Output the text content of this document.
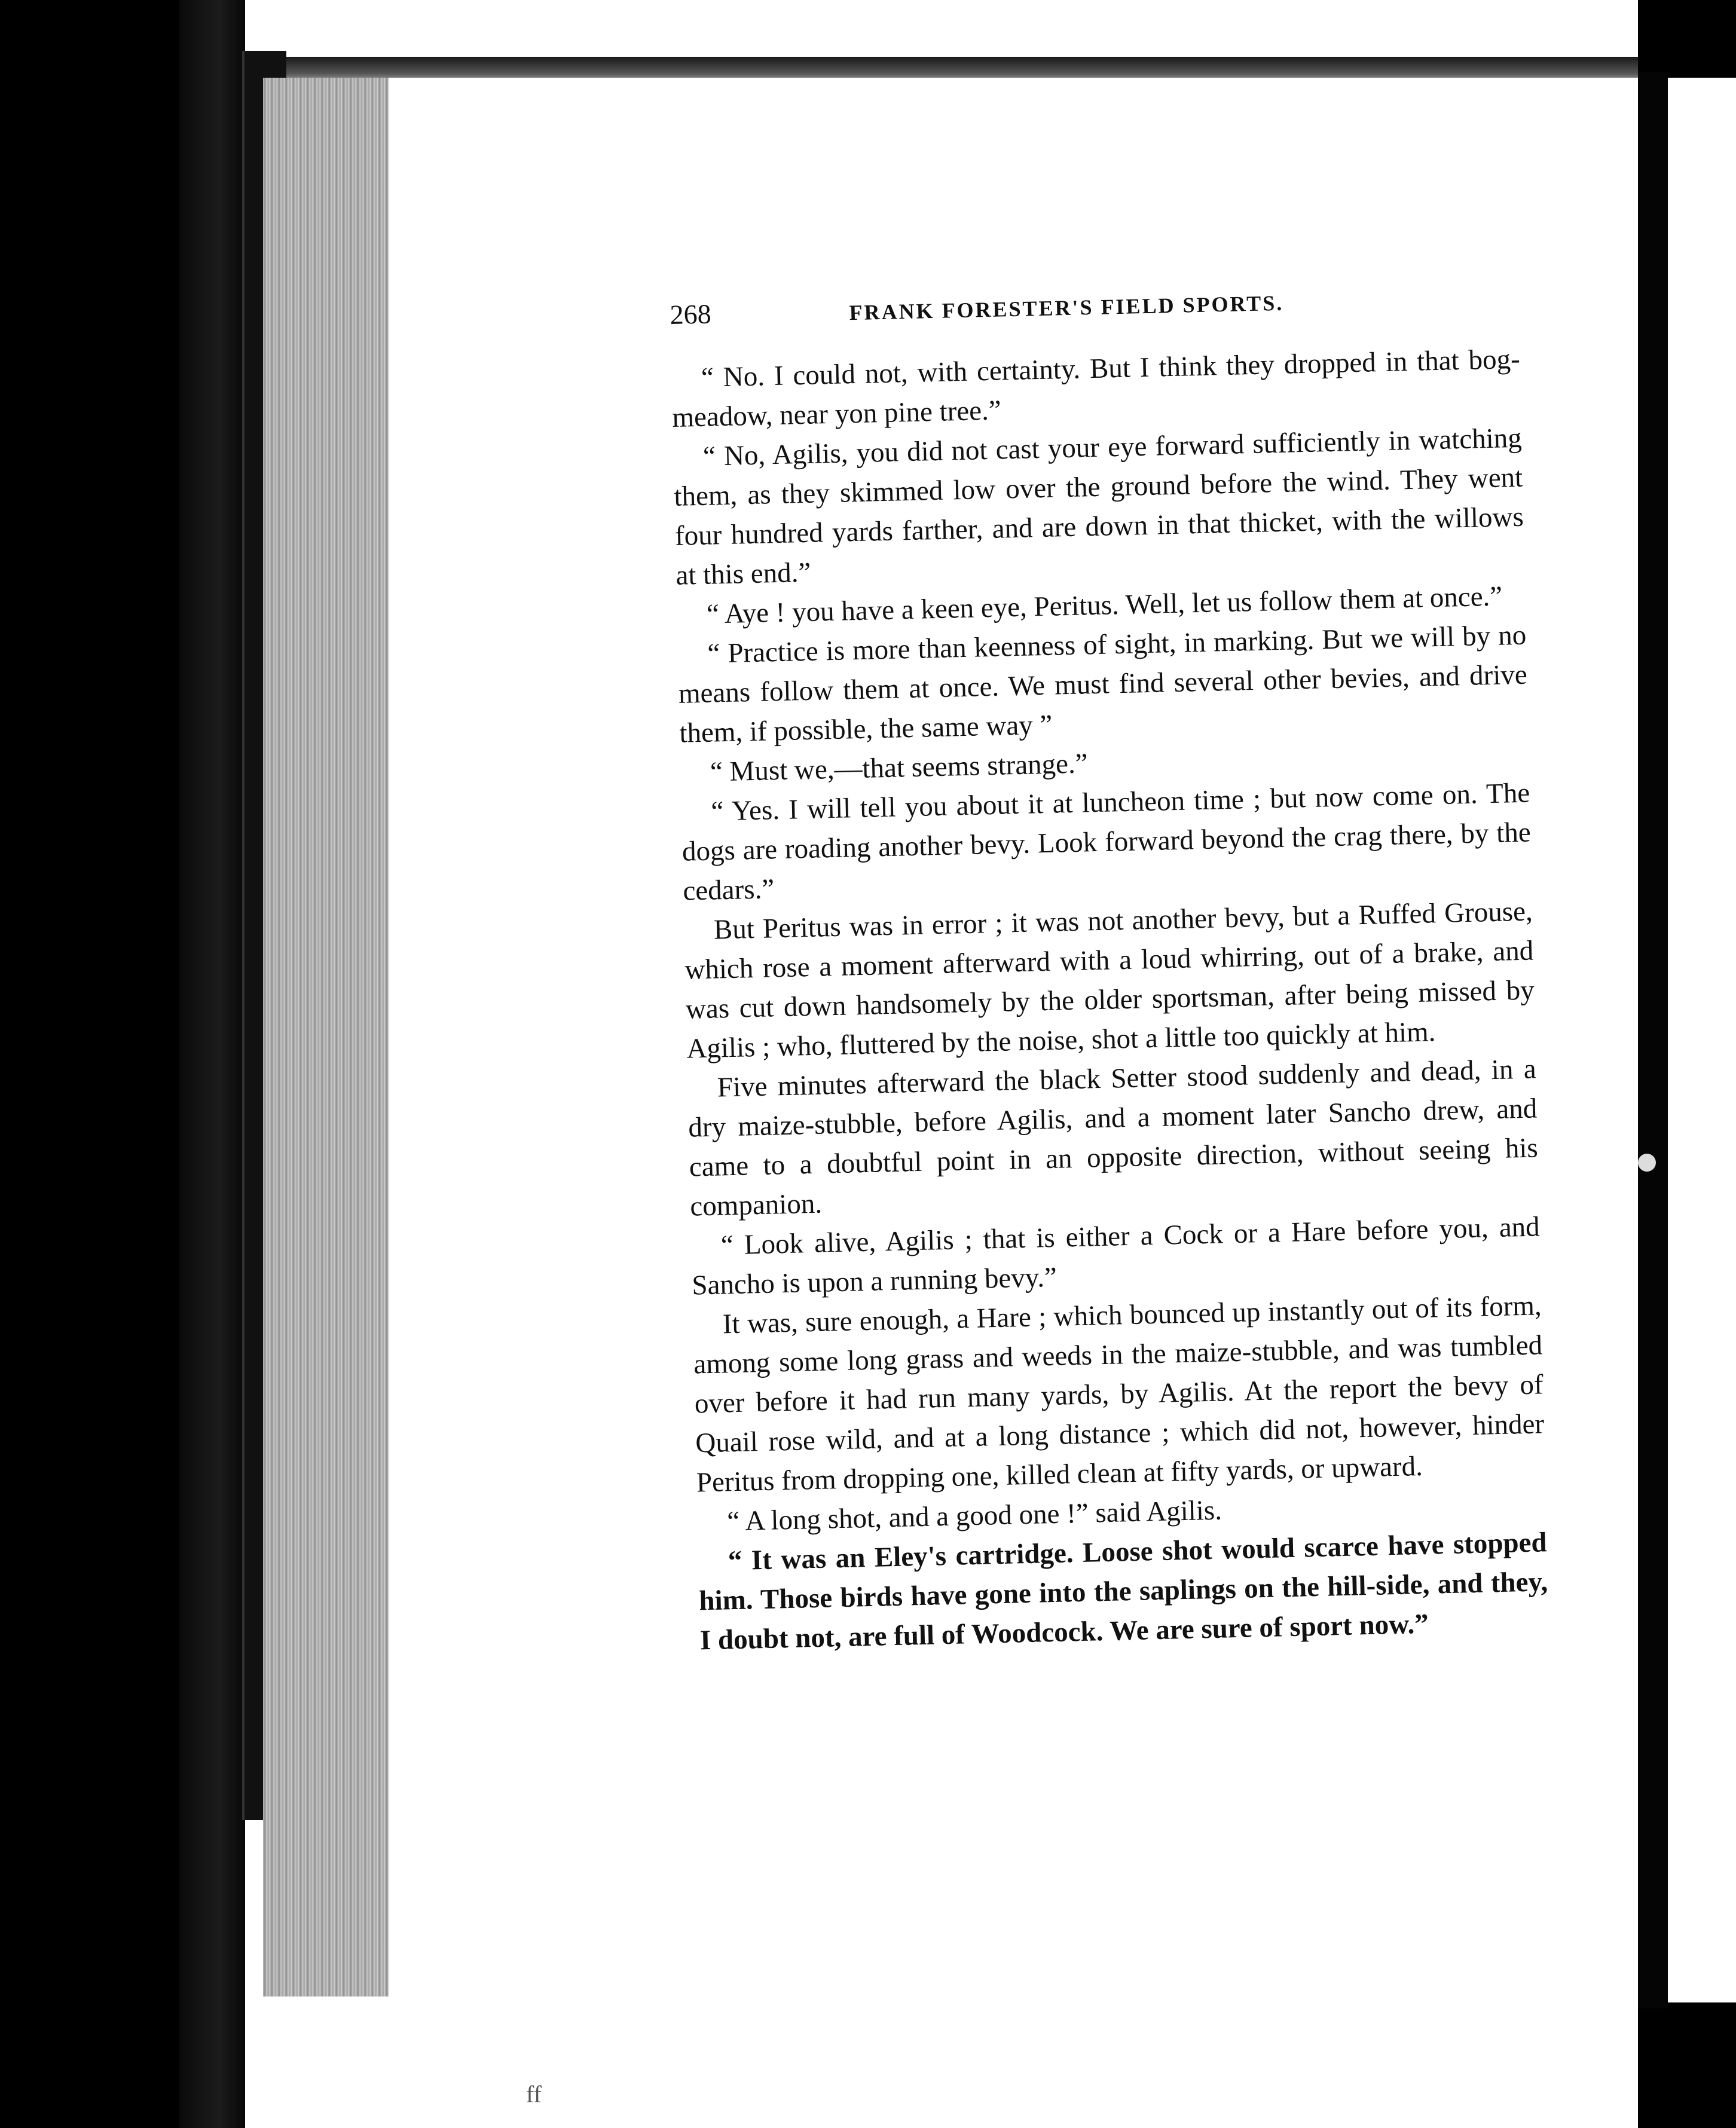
268	FRANK FORESTER'S FIELD SPORTS.

“ No. I could not, with certainty. But I think they dropped in that bog-meadow, near yon pine tree.”

“ No, Agilis, you did not cast your eye forward sufficiently in watching them, as they skimmed low over the ground before the wind. They went four hundred yards farther, and are down in that thicket, with the willows at this end.”

“ Aye ! you have a keen eye, Peritus. Well, let us follow them at once.”

“ Practice is more than keenness of sight, in marking. But we will by no means follow them at once. We must find several other bevies, and drive them, if possible, the same way ”

“ Must we,—that seems strange.”

“ Yes. I will tell you about it at luncheon time ; but now come on. The dogs are roading another bevy. Look forward beyond the crag there, by the cedars.”

But Peritus was in error ; it was not another bevy, but a Ruffed Grouse, which rose a moment afterward with a loud whirring, out of a brake, and was cut down handsomely by the older sportsman, after being missed by Agilis ; who, fluttered by the noise, shot a little too quickly at him.

Five minutes afterward the black Setter stood suddenly and dead, in a dry maize-stubble, before Agilis, and a moment later Sancho drew, and came to a doubtful point in an opposite direction, without seeing his companion.

“ Look alive, Agilis ; that is either a Cock or a Hare before you, and Sancho is upon a running bevy.”

It was, sure enough, a Hare ; which bounced up instantly out of its form, among some long grass and weeds in the maize-stubble, and was tumbled over before it had run many yards, by Agilis. At the report the bevy of Quail rose wild, and at a long distance ; which did not, however, hinder Peritus from dropping one, killed clean at fifty yards, or upward.

“ A long shot, and a good one !” said Agilis.

“ It was an Eley's cartridge. Loose shot would scarce have stopped him. Those birds have gone into the saplings on the hill-side, and they, I doubt not, are full of Woodcock. We are sure of sport now.”

ff
